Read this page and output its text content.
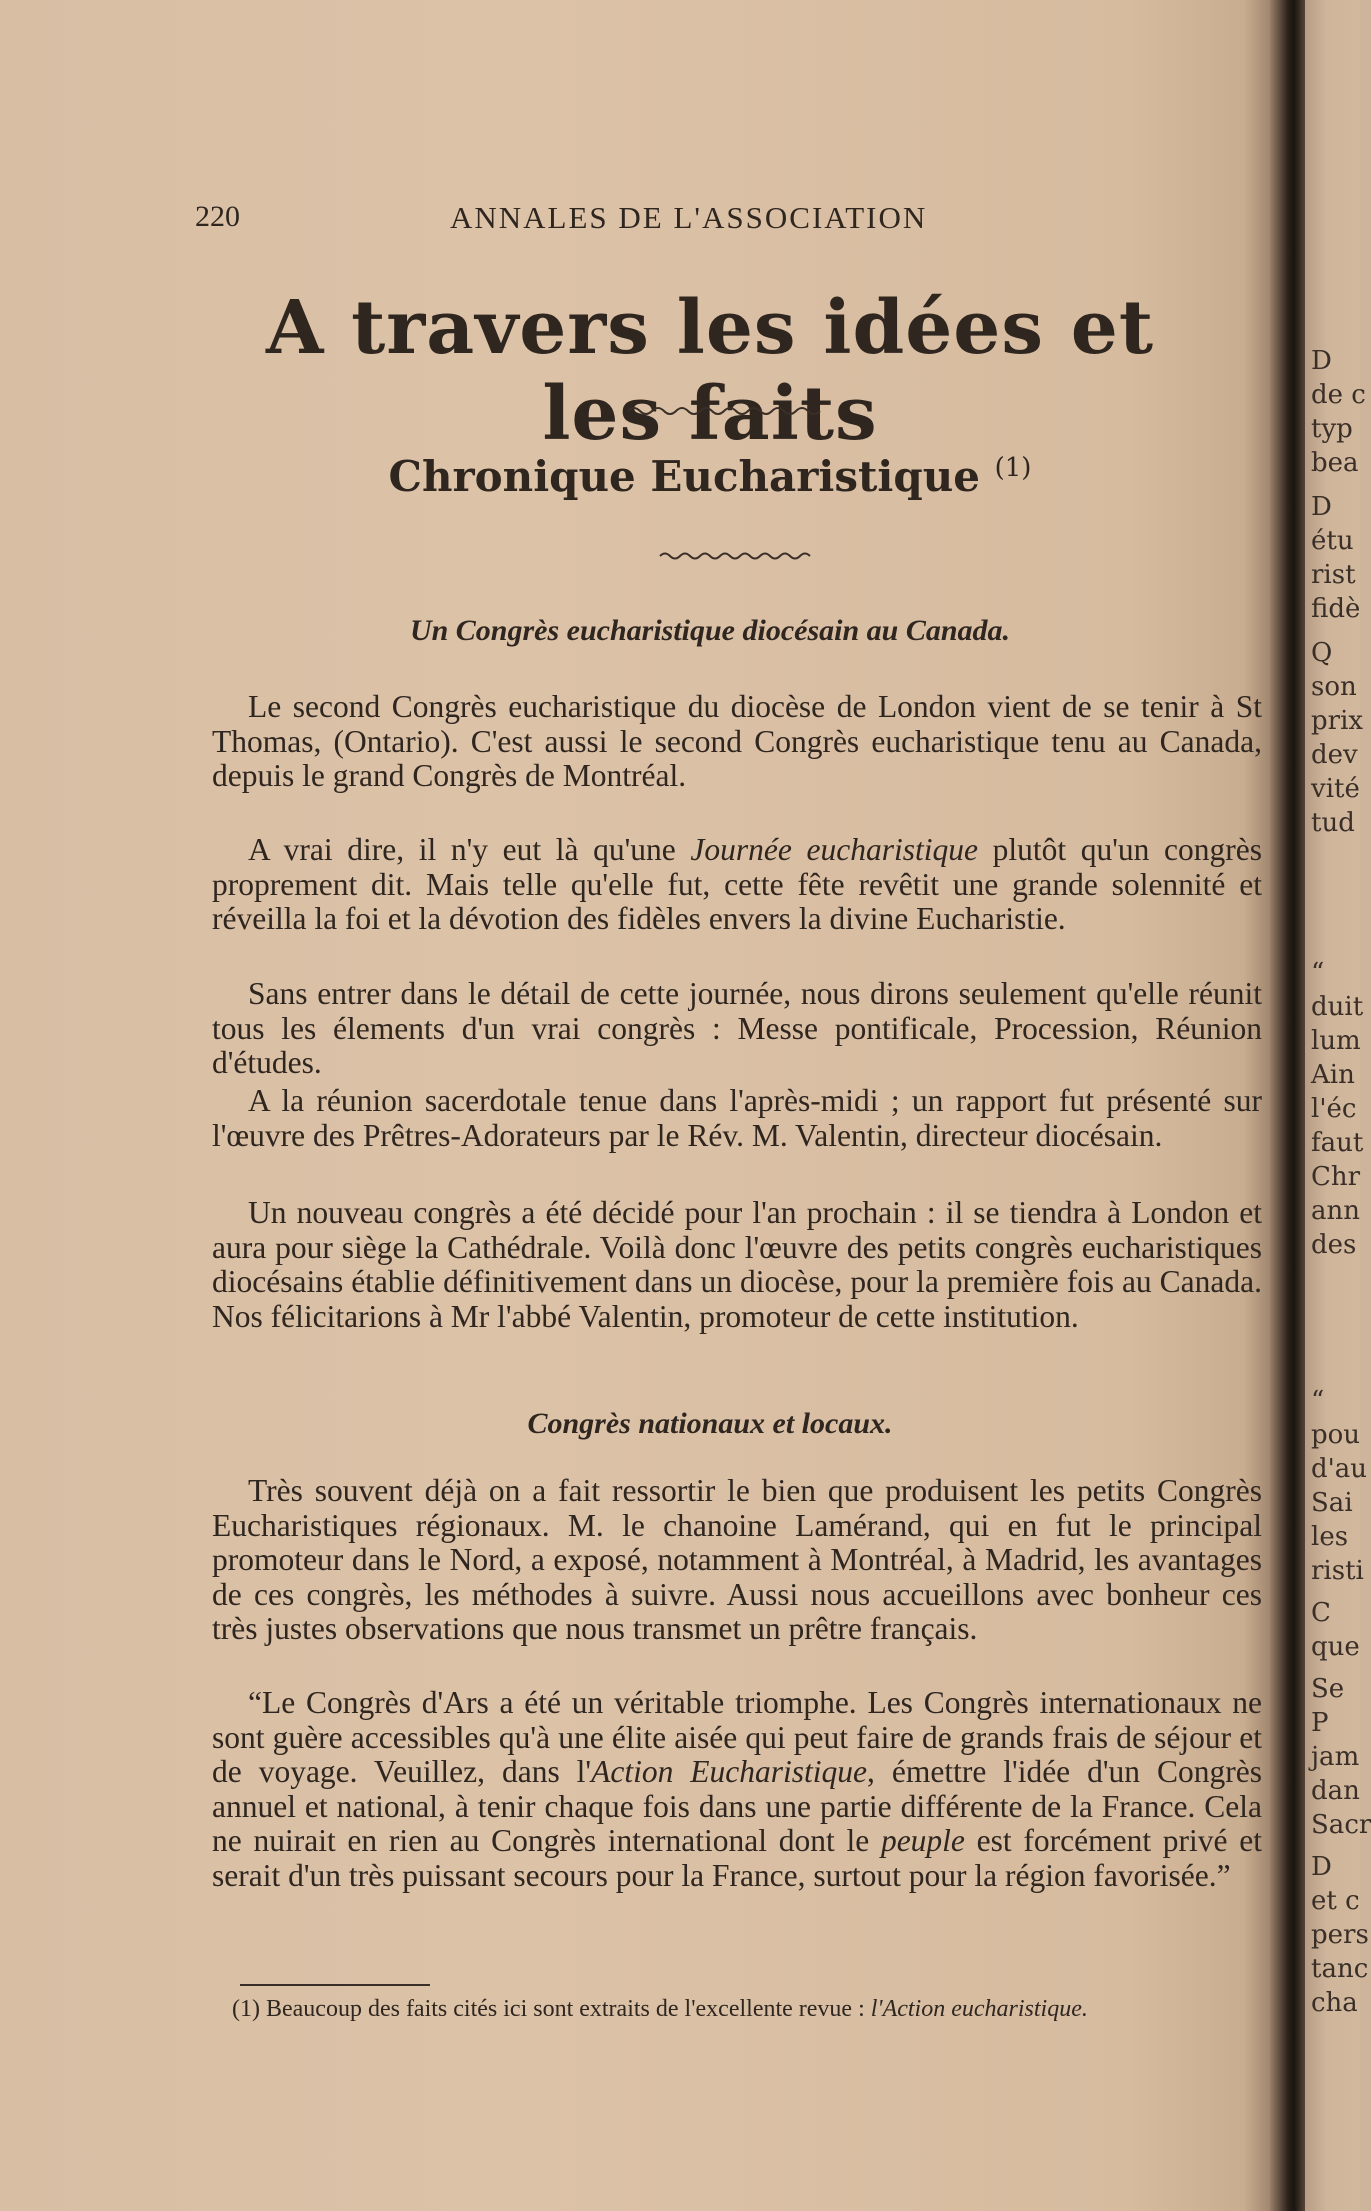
220	ANNALES DE L'ASSOCIATION
A travers les idées et les faits
Chronique Eucharistique $^{(1)}$
Un Congrès eucharistique diocésain au Canada.

Le second Congrès eucharistique du diocèse de London vient de se tenir à St Thomas, (Ontario). C'est aussi le second Congrès eucharistique tenu au Canada, depuis le grand Congrès de Montréal.

A vrai dire, il n'y eut là qu'une Journée eucharistique plutôt qu'un congrès proprement dit. Mais telle qu'elle fut, cette fête revêtit une grande solennité et réveilla la foi et la dévotion des fidèles envers la divine Eucharistie.

Sans entrer dans le détail de cette journée, nous dirons seulement qu'elle réunit tous les élements d'un vrai congrès : Messe pontificale, Procession, Réunion d'études.

A la réunion sacerdotale tenue dans l'après-midi ; un rapport fut présenté sur l'œuvre des Prêtres-Adorateurs par le Rév. M. Valentin, directeur diocésain.

Un nouveau congrès a été décidé pour l'an prochain : il se tiendra à London et aura pour siège la Cathédrale. Voilà donc l'œuvre des petits congrès eucharistiques diocésains établie définitivement dans un diocèse, pour la première fois au Canada. Nos félicitarions à Mr l'abbé Valentin, promoteur de cette institution.

Congrès nationaux et locaux.

Très souvent déjà on a fait ressortir le bien que produisent les petits Congrès Eucharistiques régionaux. M. le chanoine Lamérand, qui en fut le principal promoteur dans le Nord, a exposé, notamment à Montréal, à Madrid, les avantages de ces congrès, les méthodes à suivre. Aussi nous accueillons avec bonheur ces très justes observations que nous transmet un prêtre français.

“Le Congrès d'Ars a été un véritable triomphe. Les Congrès internationaux ne sont guère accessibles qu'à une élite aisée qui peut faire de grands frais de séjour et de voyage. Veuillez, dans l'Action Eucharistique, émettre l'idée d'un Congrès annuel et national, à tenir chaque fois dans une partie différente de la France. Cela ne nuirait en rien au Congrès international dont le peuple est forcément privé et serait d'un très puissant secours pour la France, surtout pour la région favorisée.”

(1) Beaucoup des faits cités ici sont extraits de l'excellente revue : l'Action eucharistique.

D
de c
typ
bea
D
étu
rist
fidè
Q
son
prix
dev
vité
tud
“
duit
lum
Ain
l'éc
faut
Chr
ann
des
“
pou
d'au
Sai
les
risti
C
que
Se
P
jam
dan
Sacr
D
et c
pers
tanc
cha
